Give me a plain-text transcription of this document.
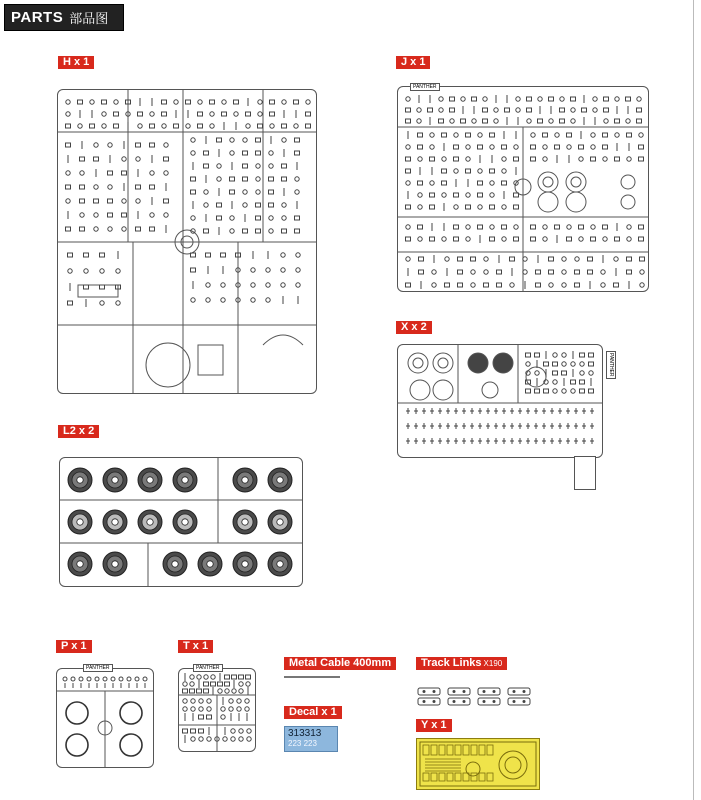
PARTS 部品图
H x 1	J x 1
PANTHER
X x 2
PANTHER
L2 x 2
P x 1
PANTHER
T x 1
PANTHER	Metal Cable 400mm
Decal x 1
313313
223 223
Track Links X190
Y x 1
